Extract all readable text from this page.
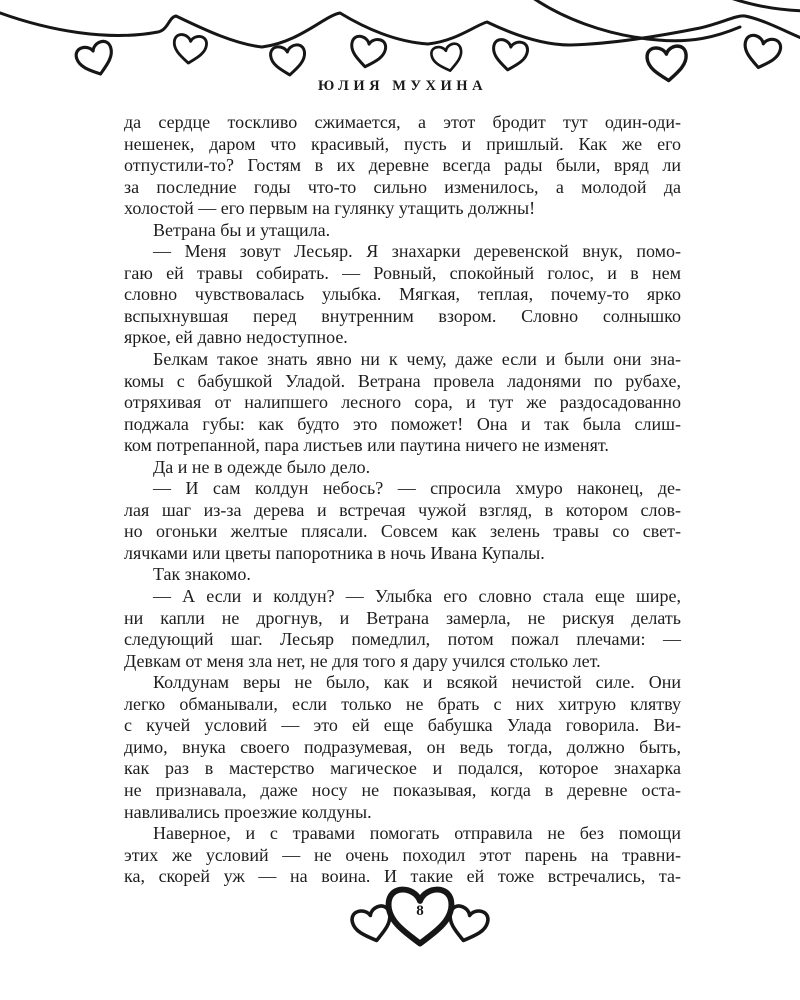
ЮЛИЯ МУХИНА
да сердце тоскливо сжимается, а этот бродит тут один-оди-
нешенек, даром что красивый, пусть и пришлый. Как же его
отпустили-то? Гостям в их деревне всегда рады были, вряд ли
за последние годы что-то сильно изменилось, а молодой да
холостой — его первым на гулянку утащить должны!
Ветрана бы и утащила.
— Меня зовут Лесьяр. Я знахарки деревенской внук, помо-
гаю ей травы собирать. — Ровный, спокойный голос, и в нем
словно чувствовалась улыбка. Мягкая, теплая, почему-то ярко
вспыхнувшая перед внутренним взором. Словно солнышко
яркое, ей давно недоступное.
Белкам такое знать явно ни к чему, даже если и были они зна-
комы с бабушкой Уладой. Ветрана провела ладонями по рубахе,
отряхивая от налипшего лесного сора, и тут же раздосадованно
поджала губы: как будто это поможет! Она и так была слиш-
ком потрепанной, пара листьев или паутина ничего не изменят.
Да и не в одежде было дело.
— И сам колдун небось? — спросила хмуро наконец, де-
лая шаг из-за дерева и встречая чужой взгляд, в котором слов-
но огоньки желтые плясали. Совсем как зелень травы со свет-
лячками или цветы папоротника в ночь Ивана Купалы.
Так знакомо.
— А если и колдун? — Улыбка его словно стала еще шире,
ни капли не дрогнув, и Ветрана замерла, не рискуя делать
следующий шаг. Лесьяр помедлил, потом пожал плечами: —
Девкам от меня зла нет, не для того я дару учился столько лет.
Колдунам веры не было, как и всякой нечистой силе. Они
легко обманывали, если только не брать с них хитрую клятву
с кучей условий — это ей еще бабушка Улада говорила. Ви-
димо, внука своего подразумевая, он ведь тогда, должно быть,
как раз в мастерство магическое и подался, которое знахарка
не признавала, даже носу не показывая, когда в деревне оста-
навливались проезжие колдуны.
Наверное, и с травами помогать отправила не без помощи
этих же условий — не очень походил этот парень на травни-
ка, скорей уж — на воина. И такие ей тоже встречались, та-
8
